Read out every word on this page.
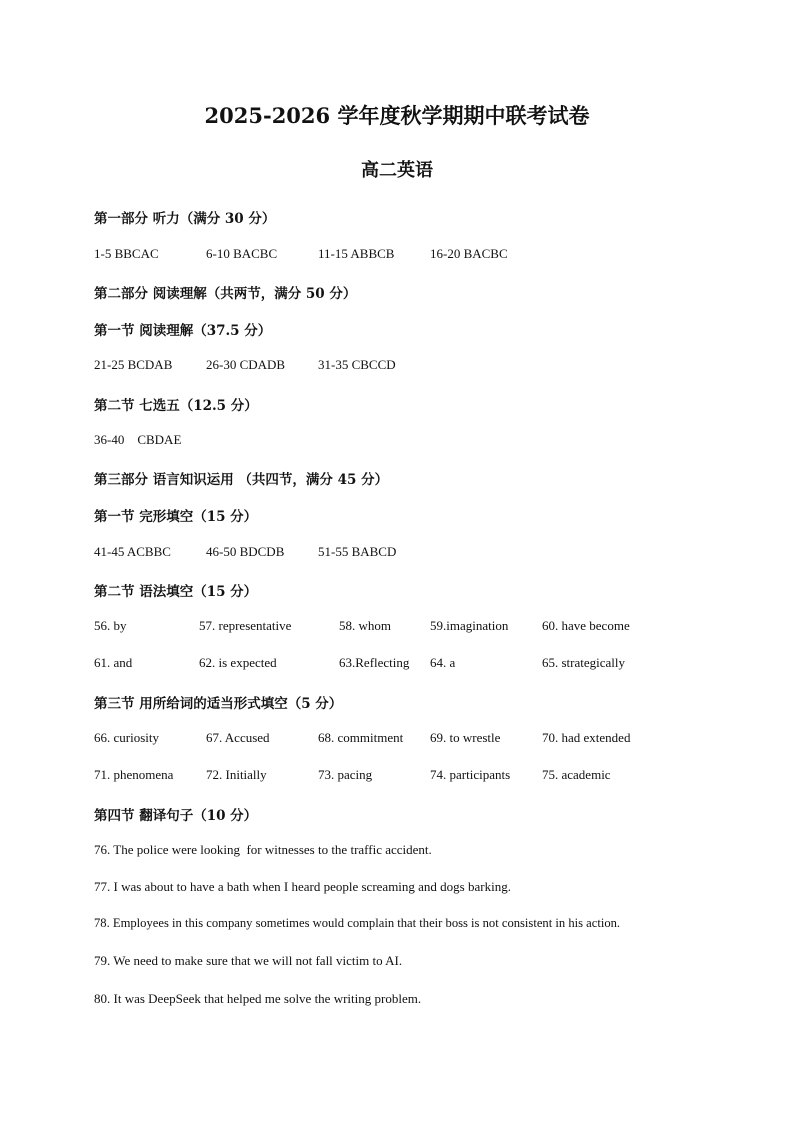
2025-2026 学年度秋学期期中联考试卷
高二英语
第一部分 听力（满分 30 分）
1-5 BBCAC	6-10 BACBC	11-15 ABBCB	16-20 BACBC
第二部分 阅读理解（共两节，满分 50 分）
第一节 阅读理解（37.5 分）
21-25 BCDAB	26-30 CDADB	31-35 CBCCD
第二节 七选五（12.5 分）
36-40    CBDAE
第三部分 语言知识运用 （共四节，满分 45 分）
第一节 完形填空（15 分）
41-45 ACBBC	46-50 BDCDB	51-55 BABCD
第二节 语法填空（15 分）
56. by	57. representative	58. whom	59.imagination	60. have become
61. and	62. is expected	63.Reflecting 64. a	65. strategically
第三节 用所给词的适当形式填空（5 分）
66. curiosity	67. Accused	68. commitment 69. to wrestle	70. had extended
71. phenomena	72. Initially	73. pacing	74. participants 75. academic
第四节 翻译句子（10 分）
76. The police were looking  for witnesses to the traffic accident.
77. I was about to have a bath when I heard people screaming and dogs barking.
78. Employees in this company sometimes would complain that their boss is not consistent in his action.
79. We need to make sure that we will not fall victim to AI.
80. It was DeepSeek that helped me solve the writing problem.
